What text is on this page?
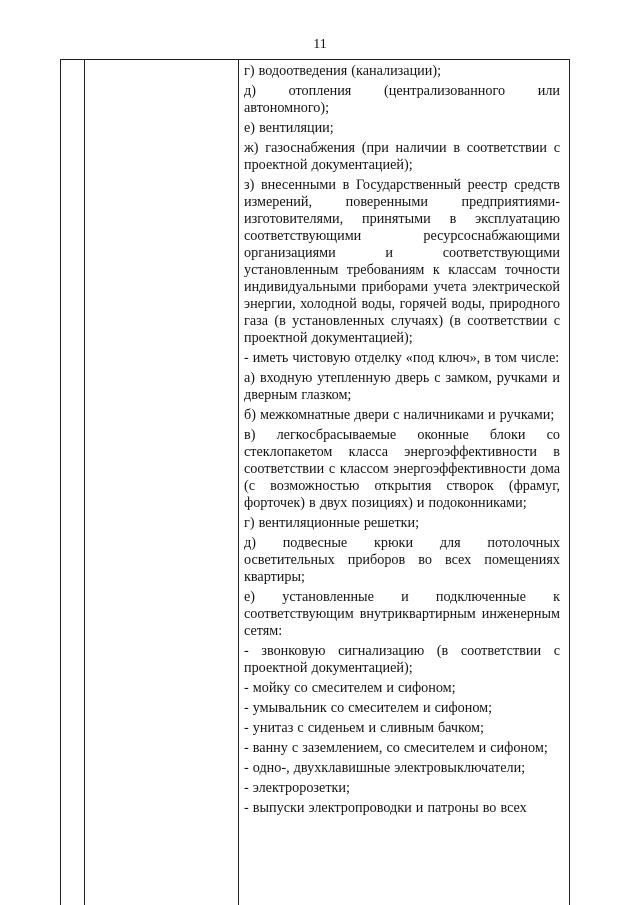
11

г) водоотведения (канализации);

д) отопления (централизованного или автономного);

е) вентиляции;

ж) газоснабжения (при наличии в соответствии с проектной документацией);

з) внесенными в Государственный реестр средств измерений, поверенными предприятиями-изготовителями, принятыми в эксплуатацию соответствующими ресурсоснабжающими организациями и соответствующими установленным требованиям к классам точности индивидуальными приборами учета электрической энергии, холодной воды, горячей воды, природного газа (в установленных случаях) (в соответствии с проектной документацией);

- иметь чистовую отделку «под ключ», в том числе:

а) входную утепленную дверь с замком, ручками и дверным глазком;

б) межкомнатные двери с наличниками и ручками;

в) легкосбрасываемые оконные блоки со стеклопакетом класса энергоэффективности в соответствии с классом энергоэффективности дома (с возможностью открытия створок (фрамуг, форточек) в двух позициях) и подоконниками;

г) вентиляционные решетки;

д) подвесные крюки для потолочных осветительных приборов во всех помещениях квартиры;

е) установленные и подключенные к соответствующим внутриквартирным инженерным сетям:

- звонковую сигнализацию (в соответствии с проектной документацией);

- мойку со смесителем и сифоном;

- умывальник со смесителем и сифоном;

- унитаз с сиденьем и сливным бачком;

- ванну с заземлением, со смесителем и сифоном;

- одно-, двухклавишные электровыключатели;

- электророзетки;

- выпуски электропроводки и патроны во всех
